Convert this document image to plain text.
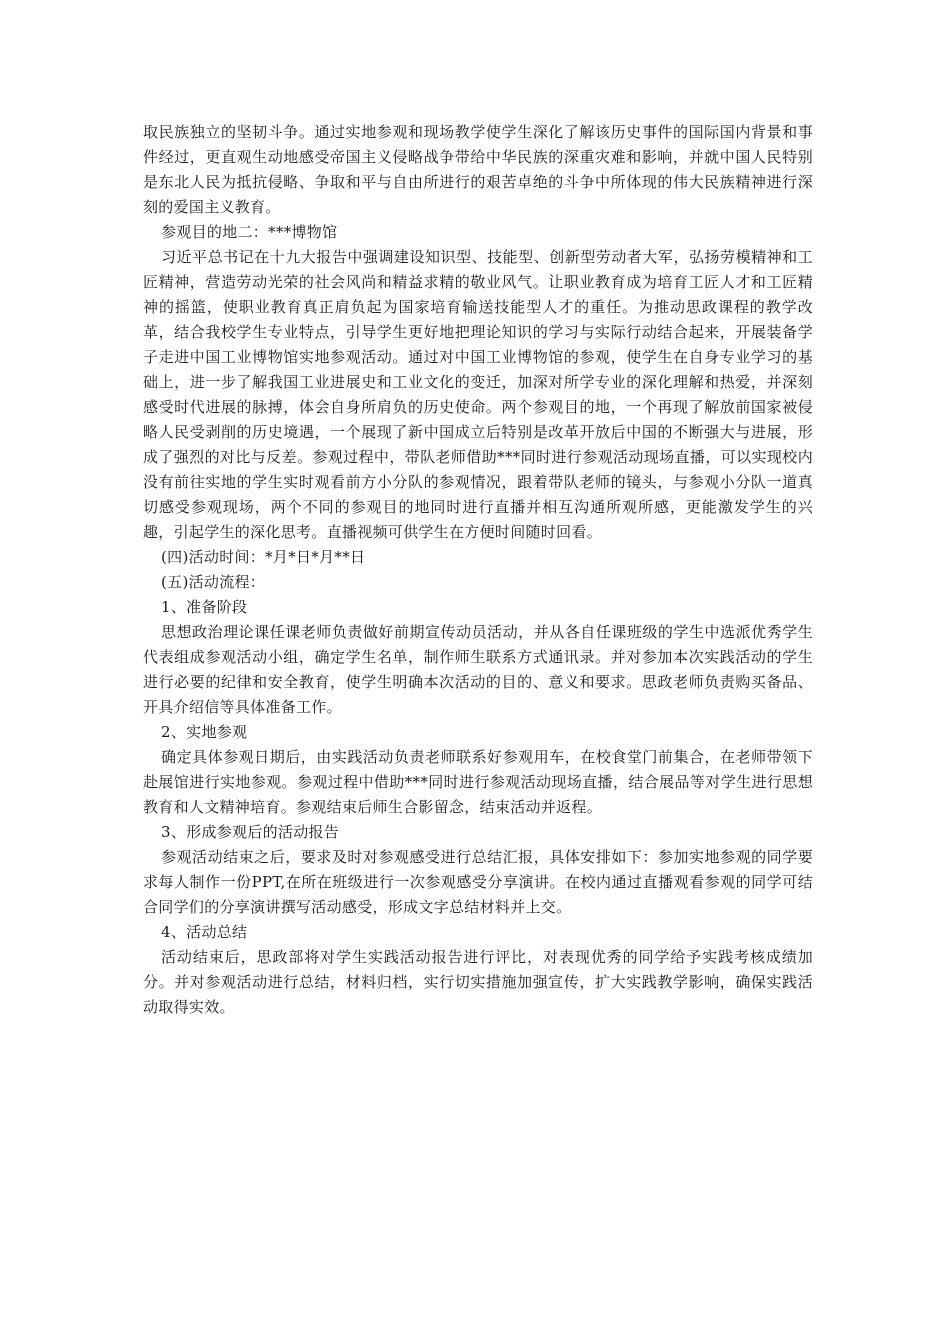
取民族独立的坚韧斗争。通过实地参观和现场教学使学生深化了解该历史事件的国际国内背景和事件经过，更直观生动地感受帝国主义侵略战争带给中华民族的深重灾难和影响，并就中国人民特别是东北人民为抵抗侵略、争取和平与自由所进行的艰苦卓绝的斗争中所体现的伟大民族精神进行深刻的爱国主义教育。

参观目的地二：***博物馆

习近平总书记在十九大报告中强调建设知识型、技能型、创新型劳动者大军，弘扬劳模精神和工匠精神，营造劳动光荣的社会风尚和精益求精的敬业风气。让职业教育成为培育工匠人才和工匠精神的摇篮，使职业教育真正肩负起为国家培育输送技能型人才的重任。为推动思政课程的教学改革，结合我校学生专业特点，引导学生更好地把理论知识的学习与实际行动结合起来，开展装备学子走进中国工业博物馆实地参观活动。通过对中国工业博物馆的参观，使学生在自身专业学习的基础上，进一步了解我国工业进展史和工业文化的变迁，加深对所学专业的深化理解和热爱，并深刻感受时代进展的脉搏，体会自身所肩负的历史使命。两个参观目的地，一个再现了解放前国家被侵略人民受剥削的历史境遇，一个展现了新中国成立后特别是改革开放后中国的不断强大与进展，形成了强烈的对比与反差。参观过程中，带队老师借助***同时进行参观活动现场直播，可以实现校内没有前往实地的学生实时观看前方小分队的参观情况，跟着带队老师的镜头，与参观小分队一道真切感受参观现场，两个不同的参观目的地同时进行直播并相互沟通所观所感，更能激发学生的兴趣，引起学生的深化思考。直播视频可供学生在方便时间随时回看。

(四)活动时间：*月*日*月**日

(五)活动流程：

1、准备阶段

思想政治理论课任课老师负责做好前期宣传动员活动，并从各自任课班级的学生中选派优秀学生代表组成参观活动小组，确定学生名单，制作师生联系方式通讯录。并对参加本次实践活动的学生进行必要的纪律和安全教育，使学生明确本次活动的目的、意义和要求。思政老师负责购买备品、开具介绍信等具体准备工作。

2、实地参观

确定具体参观日期后，由实践活动负责老师联系好参观用车，在校食堂门前集合，在老师带领下赴展馆进行实地参观。参观过程中借助***同时进行参观活动现场直播，结合展品等对学生进行思想教育和人文精神培育。参观结束后师生合影留念，结束活动并返程。

3、形成参观后的活动报告

参观活动结束之后，要求及时对参观感受进行总结汇报，具体安排如下：参加实地参观的同学要求每人制作一份PPT,在所在班级进行一次参观感受分享演讲。在校内通过直播观看参观的同学可结合同学们的分享演讲撰写活动感受，形成文字总结材料并上交。

4、活动总结

活动结束后，思政部将对学生实践活动报告进行评比，对表现优秀的同学给予实践考核成绩加分。并对参观活动进行总结，材料归档，实行切实措施加强宣传，扩大实践教学影响，确保实践活动取得实效。
